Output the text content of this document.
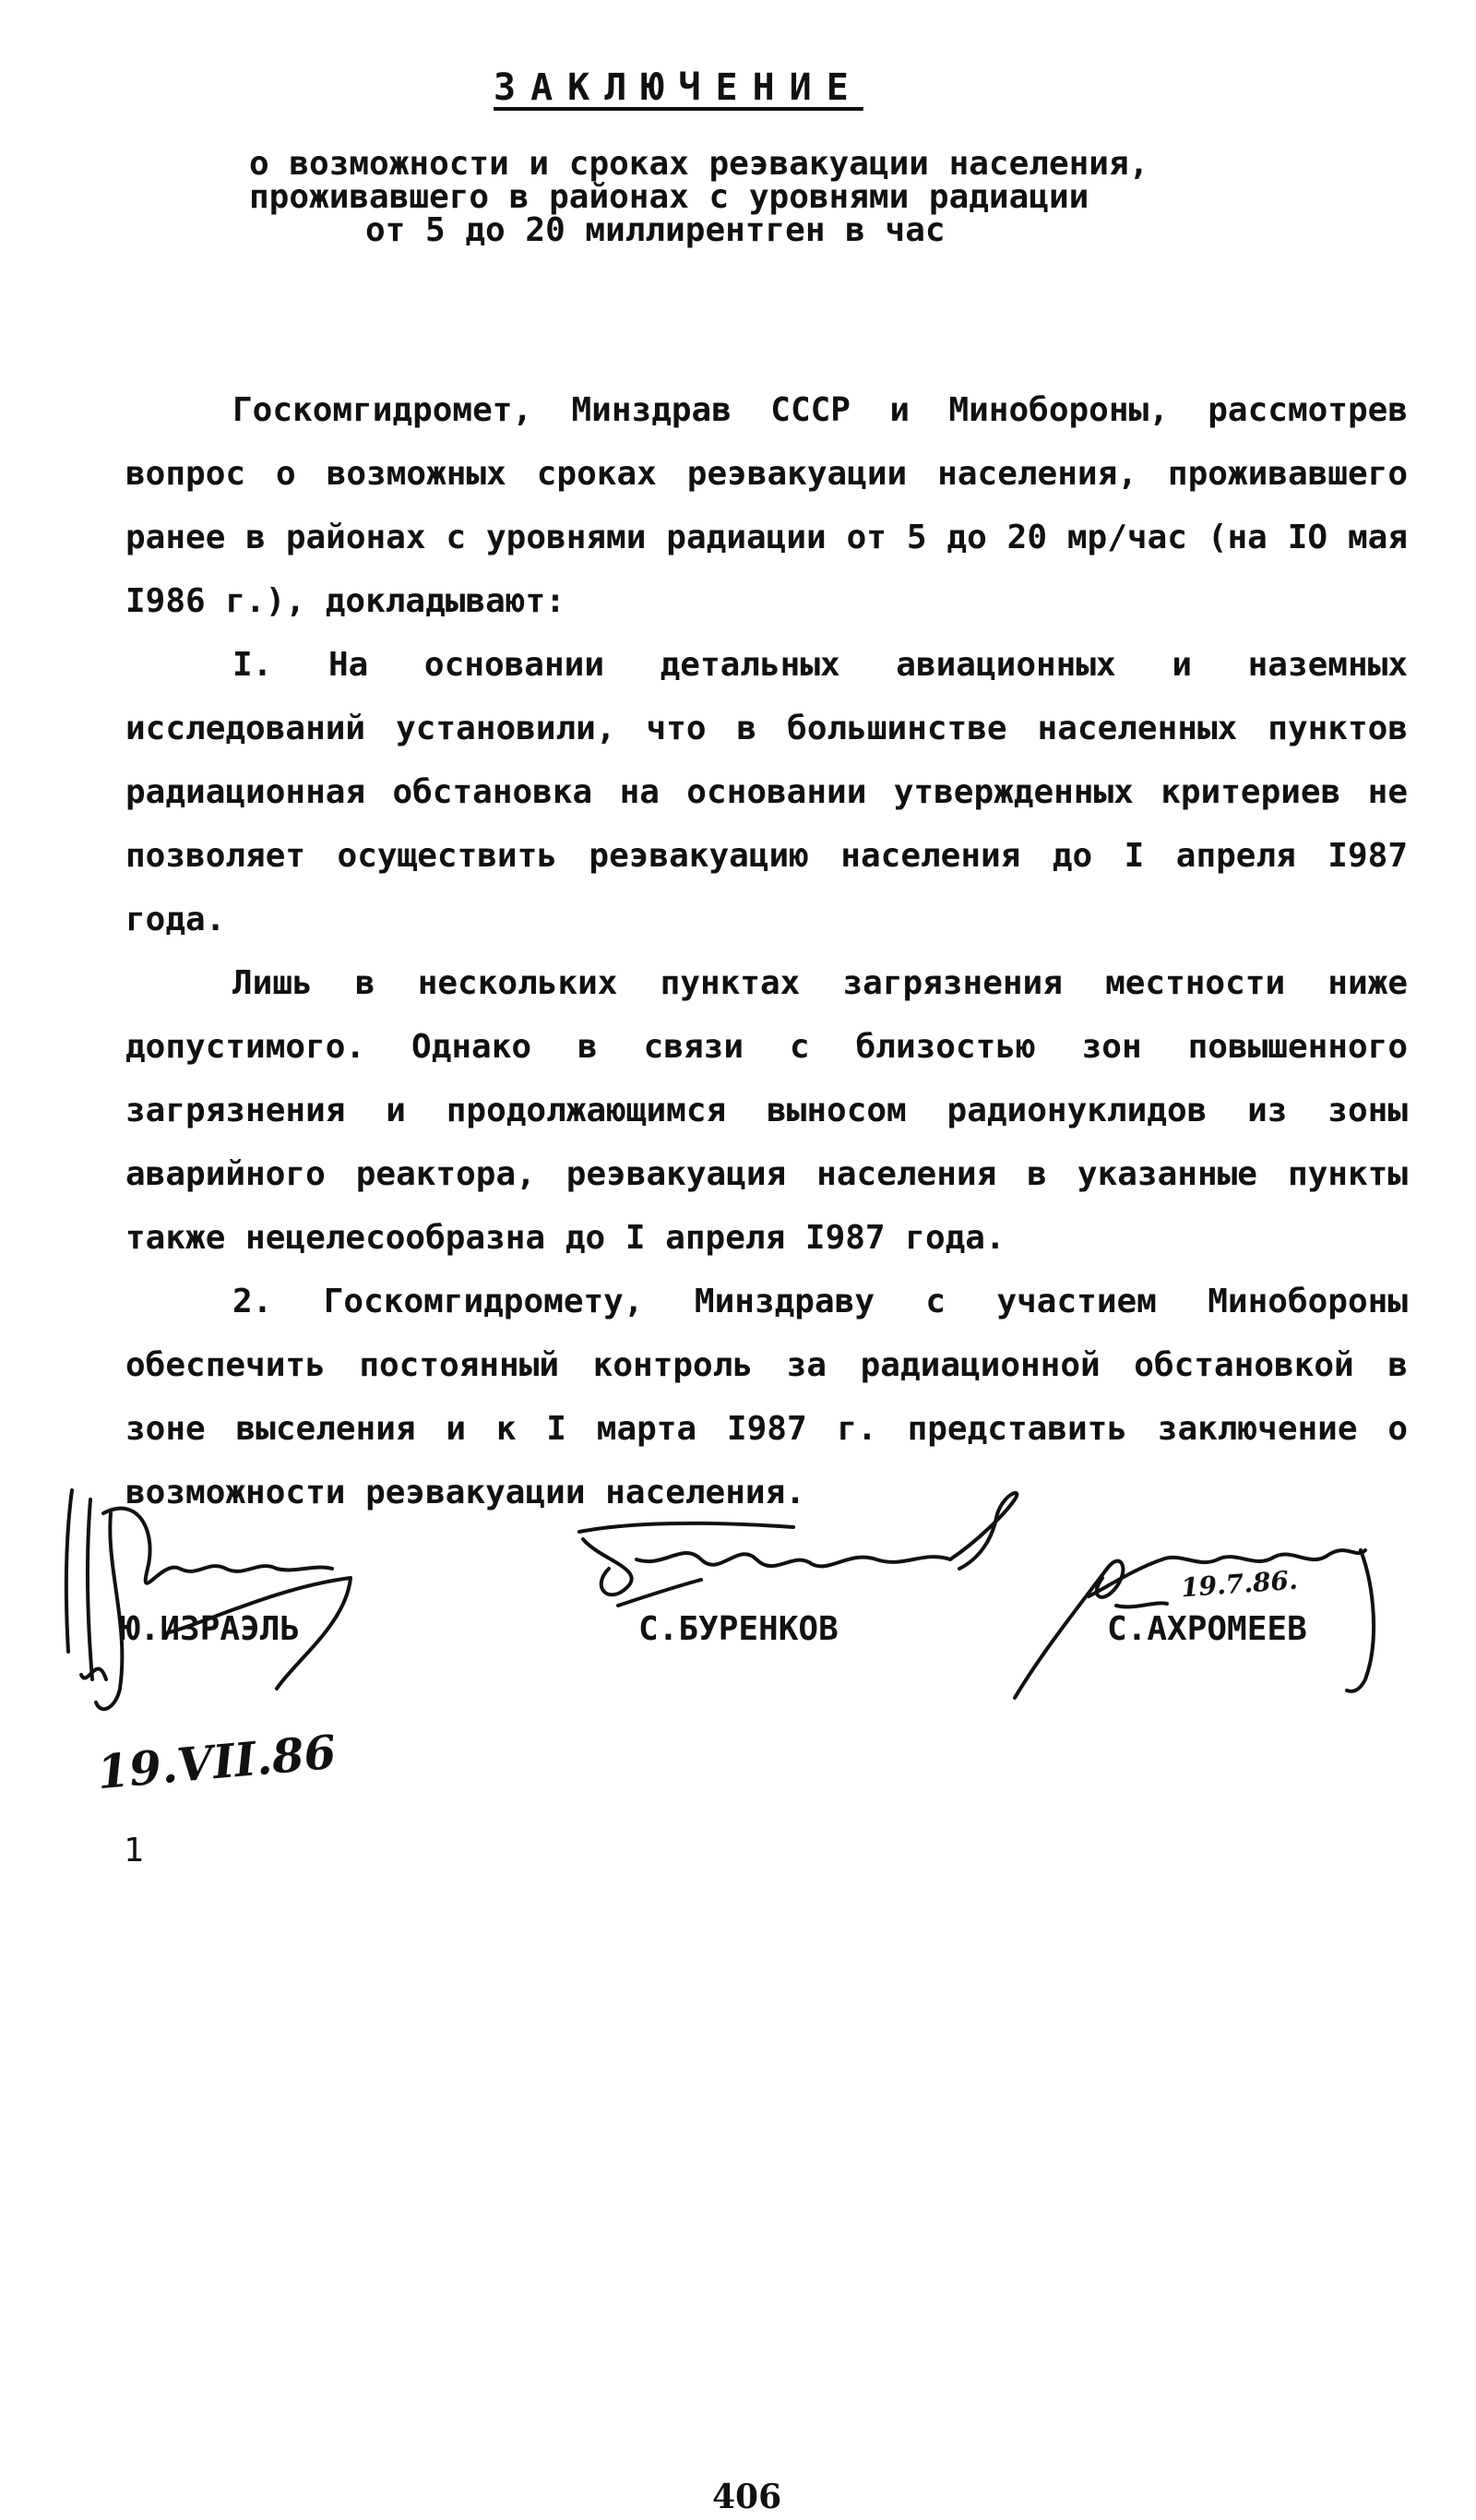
ЗАКЛЮЧЕНИЕ
о возможности и сроках реэвакуации населения,
проживавшего в районах с уровнями радиации
от 5 до 20 миллирентген в час

Госкомгидромет, Минздрав СССР и Минобороны, рассмотрев вопрос о возможных сроках реэвакуации населения, проживавшего ранее в районах с уровнями радиации от 5 до 20 мр/час (на IO мая I986 г.), докладывают:

I. На основании детальных авиационных и наземных исследований установили, что в большинстве населенных пунктов радиационная обстановка на основании утвержденных критериев не позволяет осуществить реэвакуацию населения до I апреля I987 года.

Лишь в нескольких пунктах загрязнения местности ниже допустимого. Однако в связи с близостью зон повышенного загрязнения и продолжающимся выносом радионуклидов из зоны аварийного реактора, реэвакуация населения в указанные пункты также нецелесообразна до I апреля I987 года.

2. Госкомгидромету, Минздраву с участием Минобороны обеспечить постоянный контроль за радиационной обстановкой в зоне выселения и к I марта I987 г. представить заключение о возможности реэвакуации населения.

19.7.86.
Ю.ИЗРАЭЛЬ	С.БУРЕНКОВ	С.АХРОМЕЕВ
19.VII.86
1
406
